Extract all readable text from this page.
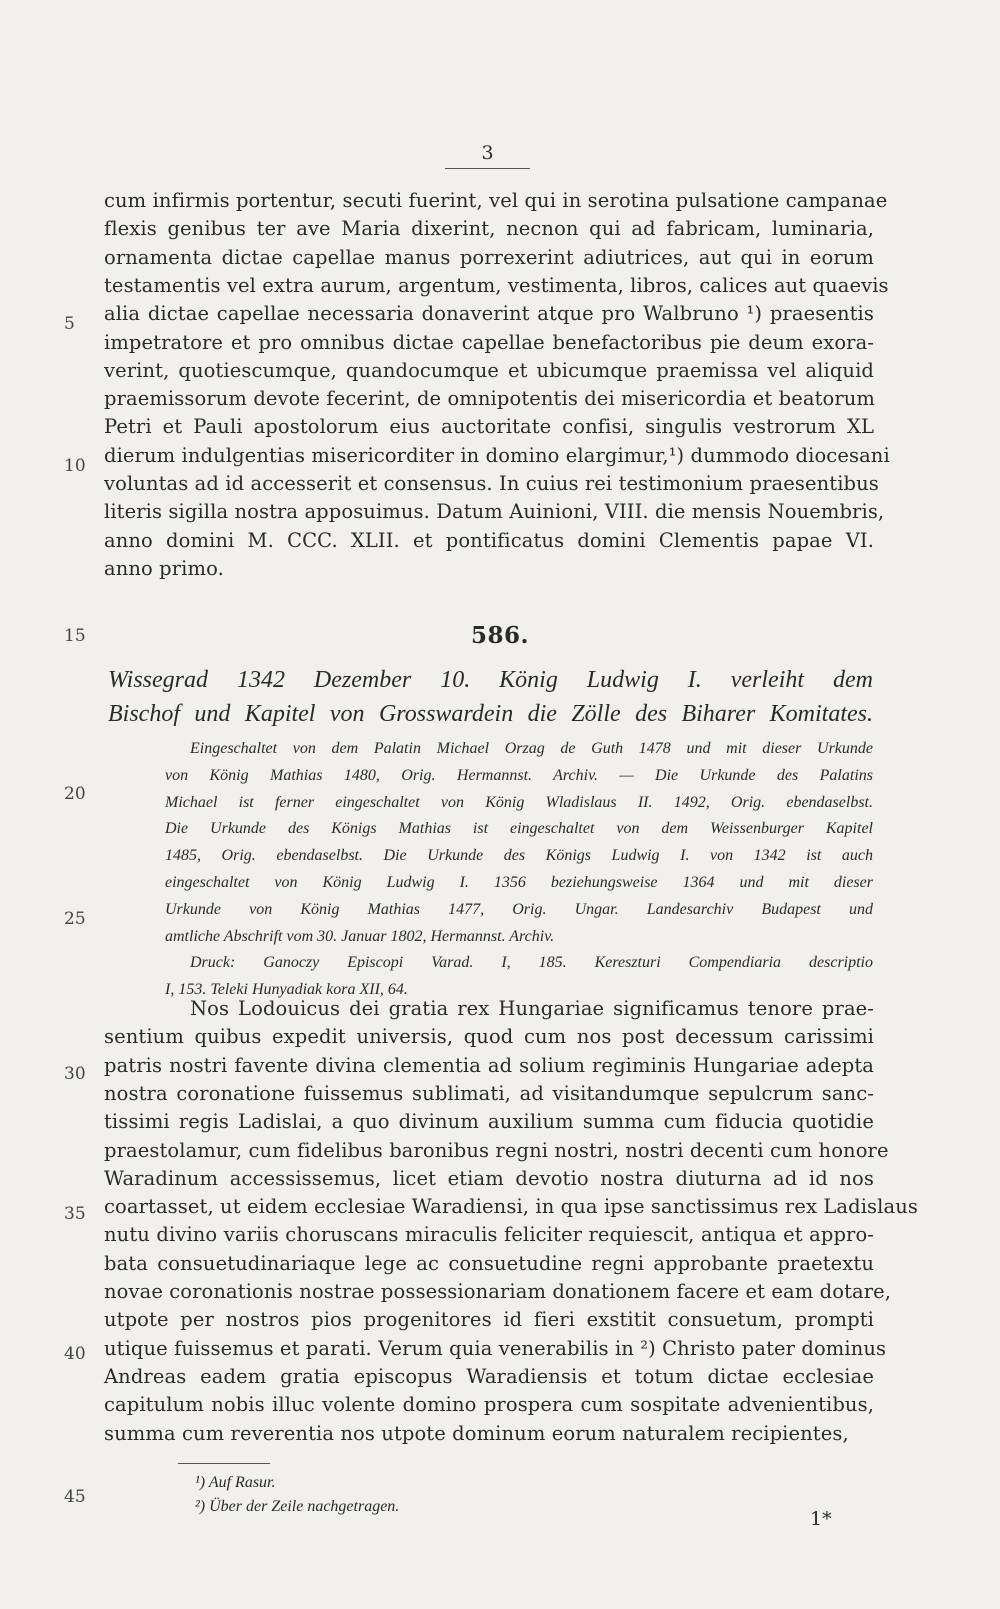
3
cum infirmis portentur, secuti fuerint, vel qui in serotina pulsatione campanae
flexis genibus ter ave Maria dixerint, necnon qui ad fabricam, luminaria,
ornamenta dictae capellae manus porrexerint adiutrices, aut qui in eorum
testamentis vel extra aurum, argentum, vestimenta, libros, calices aut quaevis
alia dictae capellae necessaria donaverint atque pro Walbruno ¹) praesentis
impetratore et pro omnibus dictae capellae benefactoribus pie deum exora-
verint, quotiescumque, quandocumque et ubicumque praemissa vel aliquid
praemissorum devote fecerint, de omnipotentis dei misericordia et beatorum
Petri et Pauli apostolorum eius auctoritate confisi, singulis vestrorum XL
dierum indulgentias misericorditer in domino elargimur,¹) dummodo diocesani
voluntas ad id accesserit et consensus. In cuius rei testimonium praesentibus
literis sigilla nostra apposuimus. Datum Auinioni, VIII. die mensis Nouembris,
anno domini M. CCC. XLII. et pontificatus domini Clementis papae VI.
anno primo.
586.
Wissegrad 1342 Dezember 10. König Ludwig I. verleiht dem
Bischof und Kapitel von Grosswardein die Zölle des Biharer Komitates.
Eingeschaltet von dem Palatin Michael Orzag de Guth 1478 und mit dieser Urkunde
von König Mathias 1480, Orig. Hermannst. Archiv. — Die Urkunde des Palatins
Michael ist ferner eingeschaltet von König Wladislaus II. 1492, Orig. ebendaselbst.
Die Urkunde des Königs Mathias ist eingeschaltet von dem Weissenburger Kapitel
1485, Orig. ebendaselbst. Die Urkunde des Königs Ludwig I. von 1342 ist auch
eingeschaltet von König Ludwig I. 1356 beziehungsweise 1364 und mit dieser
Urkunde von König Mathias 1477, Orig. Ungar. Landesarchiv Budapest und
amtliche Abschrift vom 30. Januar 1802, Hermannst. Archiv.
Druck: Ganoczy Episcopi Varad. I, 185. Kereszturi Compendiaria descriptio
I, 153. Teleki Hunyadiak kora XII, 64.
Nos Lodouicus dei gratia rex Hungariae significamus tenore prae-
sentium quibus expedit universis, quod cum nos post decessum carissimi
patris nostri favente divina clementia ad solium regiminis Hungariae adepta
nostra coronatione fuissemus sublimati, ad visitandumque sepulcrum sanc-
tissimi regis Ladislai, a quo divinum auxilium summa cum fiducia quotidie
praestolamur, cum fidelibus baronibus regni nostri, nostri decenti cum honore
Waradinum accessissemus, licet etiam devotio nostra diuturna ad id nos
coartasset, ut eidem ecclesiae Waradiensi, in qua ipse sanctissimus rex Ladislaus
nutu divino variis choruscans miraculis feliciter requiescit, antiqua et appro-
bata consuetudinariaque lege ac consuetudine regni approbante praetextu
novae coronationis nostrae possessionariam donationem facere et eam dotare,
utpote per nostros pios progenitores id fieri exstitit consuetum, prompti
utique fuissemus et parati. Verum quia venerabilis in ²) Christo pater dominus
Andreas eadem gratia episcopus Waradiensis et totum dictae ecclesiae
capitulum nobis illuc volente domino prospera cum sospitate advenientibus,
summa cum reverentia nos utpote dominum eorum naturalem recipientes,
5
10
15
20
25
30
35
40
45
¹) Auf Rasur.
²) Über der Zeile nachgetragen.
1*
